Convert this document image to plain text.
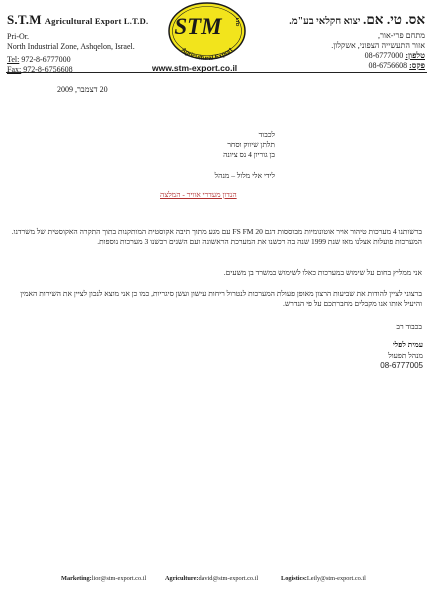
S.T.M Agricultural Export L.T.D.
Pri-Or.
North Industrial Zone, Ashqelon, Israel.
Tel: 972-8-6777000
Fax: 972-8-6756608
STM	LTD
Agricultural Export
www.stm-export.co.il
אס. טי. אם. יצוא חקלאי בע"מ.
מתחם פרי-אור,
אזור התעשייה הצפוני, אשקלון.
טלפון: 08-6777000
פקס: 08-6756608
20 דצמבר, 2009
לכבוד
תלתן שיווק וסחר
בן גוריון 4 נס ציונה
לידי אלי מלול – מנהל
הנדון מעדרי אוויר - המלצה
ברשותנו 4 מערכות טיהור אויר אוטונומיות מבוססות דגם FS FM 20 עם מגע מתוך תיבה אקוסטית המותקנות בתוך התקרה האקוסטית של משרדנו. המערכות פועלות אצלנו מאז שנת 1999 שנה בה רכשנו את המערכת הראשונה ועם השנים רכשנו 3 מערכות נוספות.
אני ממליץ בחום על שימוש במערכות כאלו לשימוש במשרד בן משעים.
ברצוני לציין להודות את שביעות הרצון מאופן פעולת המערכות לנטרול ריחות עישון ועשן סיגריות, כמו כן אני מוצא לנכון לציין את השירות האמין והיעיל אותו אנו מקבלים מחברתכם על פי הנדרש.
בכבוד רב
עמית לפלי
מנהל תפעול
08-6777005
Marketing:lior@stm-export.co.il	Agriculture:david@stm-export.co.il	Logistics:Leily@stm-export.co.il
